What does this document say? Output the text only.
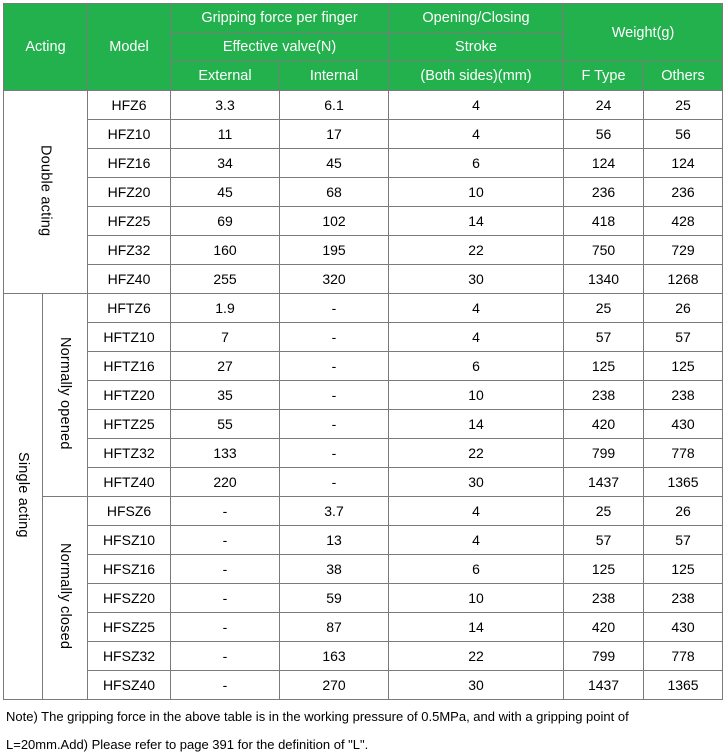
Acting		Model	Gripping force per finger		Opening/Closing	Weight(g)	
			Effective valve(N)		Stroke		
			External	Internal	(Both sides)(mm)	F Type	Others
Double acting		HFZ6	3.3	6.1	4	24	25
		HFZ10	11	17	4	56	56
		HFZ16	34	45	6	124	124
		HFZ20	45	68	10	236	236
		HFZ25	69	102	14	418	428
		HFZ32	160	195	22	750	729
		HFZ40	255	320	30	1340	1268
Single acting	Normally opened	HFTZ6	1.9	-	4	25	26
		HFTZ10	7	-	4	57	57
		HFTZ16	27	-	6	125	125
		HFTZ20	35	-	10	238	238
		HFTZ25	55	-	14	420	430
		HFTZ32	133	-	22	799	778
		HFTZ40	220	-	30	1437	1365
	Normally closed	HFSZ6	-	3.7	4	25	26
		HFSZ10	-	13	4	57	57
		HFSZ16	-	38	6	125	125
		HFSZ20	-	59	10	238	238
		HFSZ25	-	87	14	420	430
		HFSZ32	-	163	22	799	778
		HFSZ40	-	270	30	1437	1365
Note) The gripping force in the above table is in the working pressure of 0.5MPa, and with a gripping point of
L=20mm.Add) Please refer to page 391 for the definition of "L".
